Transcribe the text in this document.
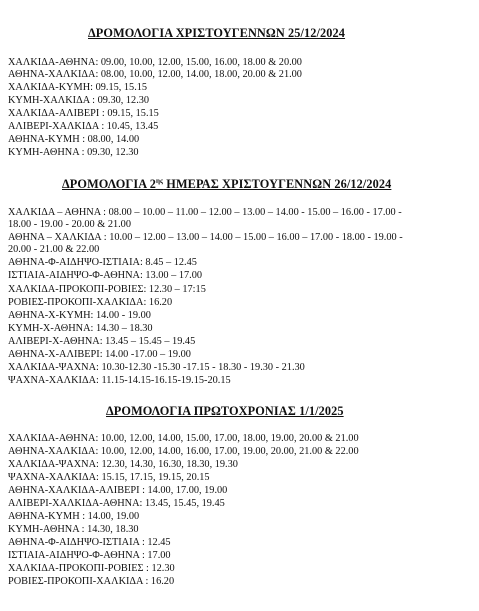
ΔΡΟΜΟΛΟΓΙΑ ΧΡΙΣΤΟΥΓΕΝΝΩΝ 25/12/2024
ΧΑΛΚΙΔΑ-ΑΘΗΝΑ: 09.00, 10.00, 12.00, 15.00, 16.00, 18.00 & 20.00
ΑΘΗΝΑ-ΧΑΛΚΙΔΑ: 08.00, 10.00, 12.00, 14.00, 18.00, 20.00 & 21.00
ΧΑΛΚΙΔΑ-ΚΥΜΗ: 09.15, 15.15
ΚΥΜΗ-ΧΑΛΚΙΔΑ : 09.30, 12.30
ΧΑΛΚΙΔΑ-ΑΛΙΒΕΡΙ : 09.15, 15.15
ΑΛΙΒΕΡΙ-ΧΑΛΚΙΔΑ : 10.45, 13.45
ΑΘΗΝΑ-ΚΥΜΗ : 08.00, 14.00
ΚΥΜΗ-ΑΘΗΝΑ : 09.30, 12.30
ΔΡΟΜΟΛΟΓΙΑ $2^{\eta\varsigma}$ ΗΜΕΡΑΣ ΧΡΙΣΤΟΥΓΕΝΝΩΝ 26/12/2024
ΧΑΛΚΙΔΑ – ΑΘΗΝΑ : 08.00 – 10.00 – 11.00 – 12.00 – 13.00 – 14.00 - 15.00 – 16.00 - 17.00 -
18.00 - 19.00 - 20.00 & 21.00
ΑΘΗΝΑ – ΧΑΛΚΙΔΑ : 10.00 – 12.00 – 13.00 – 14.00 – 15.00 – 16.00 – 17.00 - 18.00 - 19.00 -
20.00 - 21.00 & 22.00
ΑΘΗΝΑ-Φ-ΑΙΔΗΨΟ-ΙΣΤΙΑΙΑ: 8.45 – 12.45
ΙΣΤΙΑΙΑ-ΑΙΔΗΨΟ-Φ-ΑΘΗΝΑ: 13.00 – 17.00
ΧΑΛΚΙΔΑ-ΠΡΟΚΟΠΙ-ΡΟΒΙΕΣ: 12.30 – 17:15
ΡΟΒΙΕΣ-ΠΡΟΚΟΠΙ-ΧΑΛΚΙΔΑ: 16.20
ΑΘΗΝΑ-Χ-ΚΥΜΗ: 14.00 - 19.00
ΚΥΜΗ-Χ-ΑΘΗΝΑ: 14.30 – 18.30
ΑΛΙΒΕΡΙ-Χ-ΑΘΗΝΑ: 13.45 – 15.45 – 19.45
ΑΘΗΝΑ-Χ-ΑΛΙΒΕΡΙ: 14.00 -17.00 – 19.00
ΧΑΛΚΙΔΑ-ΨΑΧΝΑ: 10.30-12.30 -15.30 -17.15 - 18.30 - 19.30 - 21.30
ΨΑΧΝΑ-ΧΑΛΚΙΔΑ: 11.15-14.15-16.15-19.15-20.15
ΔΡΟΜΟΛΟΓΙΑ ΠΡΩΤΟΧΡΟΝΙΑΣ 1/1/2025
ΧΑΛΚΙΔΑ-ΑΘΗΝΑ: 10.00, 12.00, 14.00, 15.00, 17.00, 18.00, 19.00, 20.00 & 21.00
ΑΘΗΝΑ-ΧΑΛΚΙΔΑ: 10.00, 12.00, 14.00, 16.00, 17.00, 19.00, 20.00, 21.00 & 22.00
ΧΑΛΚΙΔΑ-ΨΑΧΝΑ: 12.30, 14.30, 16.30, 18.30, 19.30
ΨΑΧΝΑ-ΧΑΛΚΙΔΑ: 15.15, 17.15, 19.15, 20.15
ΑΘΗΝΑ-ΧΑΛΚΙΔΑ-ΑΛΙΒΕΡΙ : 14.00, 17.00, 19.00
ΑΛΙΒΕΡΙ-ΧΑΛΚΙΔΑ-ΑΘΗΝΑ: 13.45, 15.45, 19.45
ΑΘΗΝΑ-ΚΥΜΗ : 14.00, 19.00
ΚΥΜΗ-ΑΘΗΝΑ : 14.30, 18.30
ΑΘΗΝΑ-Φ-ΑΙΔΗΨΟ-ΙΣΤΙΑΙΑ : 12.45
ΙΣΤΙΑΙΑ-ΑΙΔΗΨΟ-Φ-ΑΘΗΝΑ : 17.00
ΧΑΛΚΙΔΑ-ΠΡΟΚΟΠΙ-ΡΟΒΙΕΣ : 12.30
ΡΟΒΙΕΣ-ΠΡΟΚΟΠΙ-ΧΑΛΚΙΔΑ : 16.20
